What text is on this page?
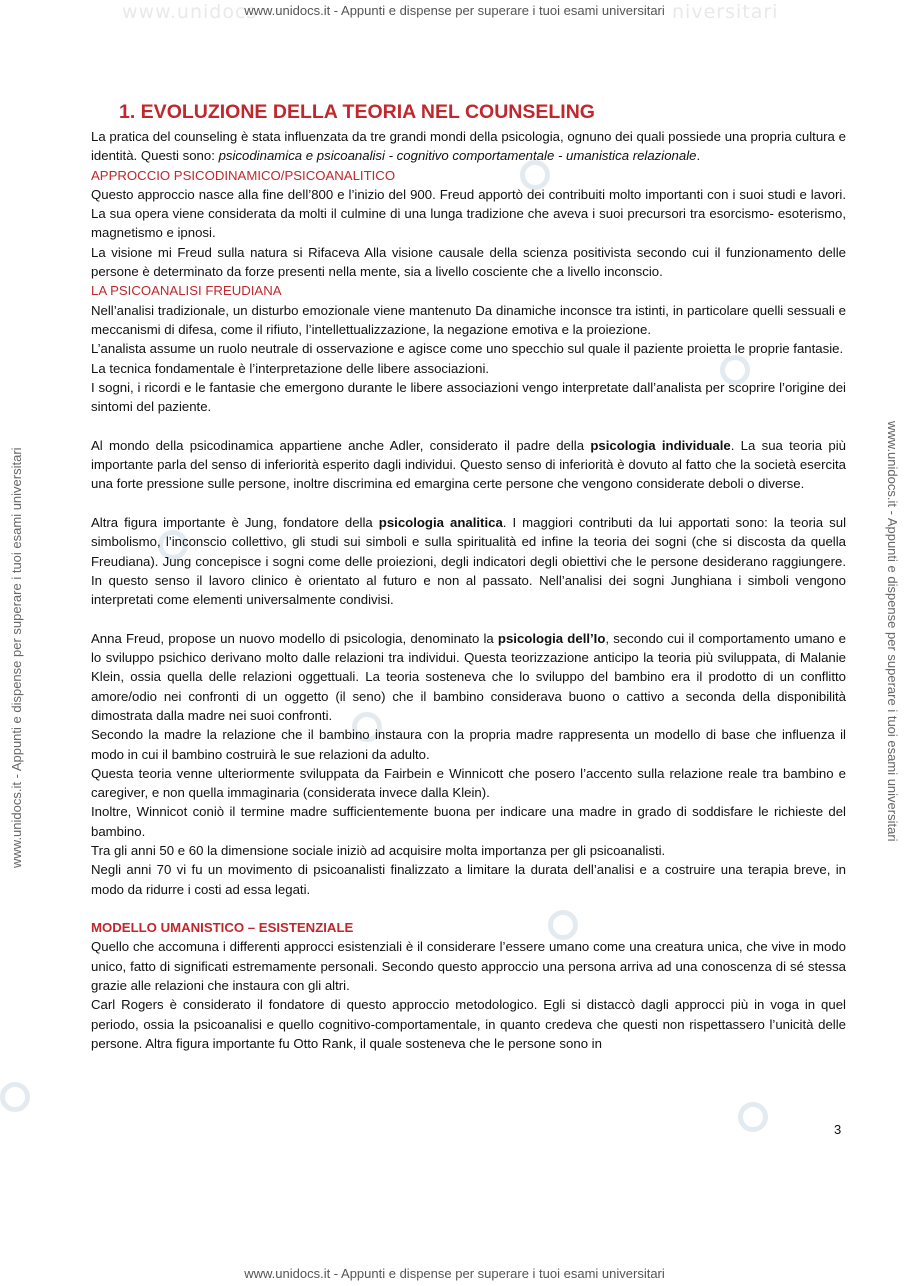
www.unidocs	niversitari
www.unidocs.it - Appunti e dispense per superare i tuoi esami universitari
www.unidocs.it - Appunti e dispense per superare i tuoi esami universitari	www.unidocs.it - Appunti e dispense per superare i tuoi esami universitari
1. EVOLUZIONE DELLA TEORIA NEL COUNSELING

La pratica del counseling è stata influenzata da tre grandi mondi della psicologia, ognuno dei quali possiede una propria cultura e identità. Questi sono: psicodinamica e psicoanalisi - cognitivo comportamentale - umanistica relazionale.

APPROCCIO PSICODINAMICO/PSICOANALITICO

Questo approccio nasce alla fine dell’800 e l’inizio del 900. Freud apportò dei contribuiti molto importanti con i suoi studi e lavori. La sua opera viene considerata da molti il culmine di una lunga tradizione che aveva i suoi precursori tra esorcismo- esoterismo, magnetismo e ipnosi.

La visione mi Freud sulla natura si Rifaceva Alla visione causale della scienza positivista secondo cui il funzionamento delle persone è determinato da forze presenti nella mente, sia a livello cosciente che a livello inconscio.

LA PSICOANALISI FREUDIANA

Nell’analisi tradizionale, un disturbo emozionale viene mantenuto Da dinamiche inconsce tra istinti, in particolare quelli sessuali e meccanismi di difesa, come il rifiuto, l’intellettualizzazione, la negazione emotiva e la proiezione.

L’analista assume un ruolo neutrale di osservazione e agisce come uno specchio sul quale il paziente proietta le proprie fantasie.

La tecnica fondamentale è l’interpretazione delle libere associazioni.

I sogni, i ricordi e le fantasie che emergono durante le libere associazioni vengo interpretate dall’analista per scoprire l’origine dei sintomi del paziente.

Al mondo della psicodinamica appartiene anche Adler, considerato il padre della psicologia individuale. La sua teoria più importante parla del senso di inferiorità esperito dagli individui. Questo senso di inferiorità è dovuto al fatto che la società esercita una forte pressione sulle persone, inoltre discrimina ed emargina certe persone che vengono considerate deboli o diverse.

Altra figura importante è Jung, fondatore della psicologia analitica. I maggiori contributi da lui apportati sono: la teoria sul simbolismo, l’inconscio collettivo, gli studi sui simboli e sulla spiritualità ed infine la teoria dei sogni (che si discosta da quella Freudiana). Jung concepisce i sogni come delle proiezioni, degli indicatori degli obiettivi che le persone desiderano raggiungere. In questo senso il lavoro clinico è orientato al futuro e non al passato. Nell’analisi dei sogni Junghiana i simboli vengono interpretati come elementi universalmente condivisi.

Anna Freud, propose un nuovo modello di psicologia, denominato la psicologia dell’Io, secondo cui il comportamento umano e lo sviluppo psichico derivano molto dalle relazioni tra individui. Questa teorizzazione anticipo la teoria più sviluppata, di Malanie Klein, ossia quella delle relazioni oggettuali. La teoria sosteneva che lo sviluppo del bambino era il prodotto di un conflitto amore/odio nei confronti di un oggetto (il seno) che il bambino considerava buono o cattivo a seconda della disponibilità dimostrata dalla madre nei suoi confronti.

Secondo la madre la relazione che il bambino instaura con la propria madre rappresenta un modello di base che influenza il modo in cui il bambino costruirà le sue relazioni da adulto.

Questa teoria venne ulteriormente sviluppata da Fairbein e Winnicott che posero l’accento sulla relazione reale tra bambino e caregiver, e non quella immaginaria (considerata invece dalla Klein).

Inoltre, Winnicot coniò il termine madre sufficientemente buona per indicare una madre in grado di soddisfare le richieste del bambino.

Tra gli anni 50 e 60 la dimensione sociale iniziò ad acquisire molta importanza per gli psicoanalisti.

Negli anni 70 vi fu un movimento di psicoanalisti finalizzato a limitare la durata dell’analisi e a costruire una terapia breve, in modo da ridurre i costi ad essa legati.

MODELLO UMANISTICO – ESISTENZIALE

Quello che accomuna i differenti approcci esistenziali è il considerare l’essere umano come una creatura unica, che vive in modo unico, fatto di significati estremamente personali. Secondo questo approccio una persona arriva ad una conoscenza di sé stessa grazie alle relazioni che instaura con gli altri.

Carl Rogers è considerato il fondatore di questo approccio metodologico. Egli si distaccò dagli approcci più in voga in quel periodo, ossia la psicoanalisi e quello cognitivo-comportamentale, in quanto credeva che questi non rispettassero l’unicità delle persone. Altra figura importante fu Otto Rank, il quale sosteneva che le persone sono in

3
www.unidocs.it - Appunti e dispense per superare i tuoi esami universitari
